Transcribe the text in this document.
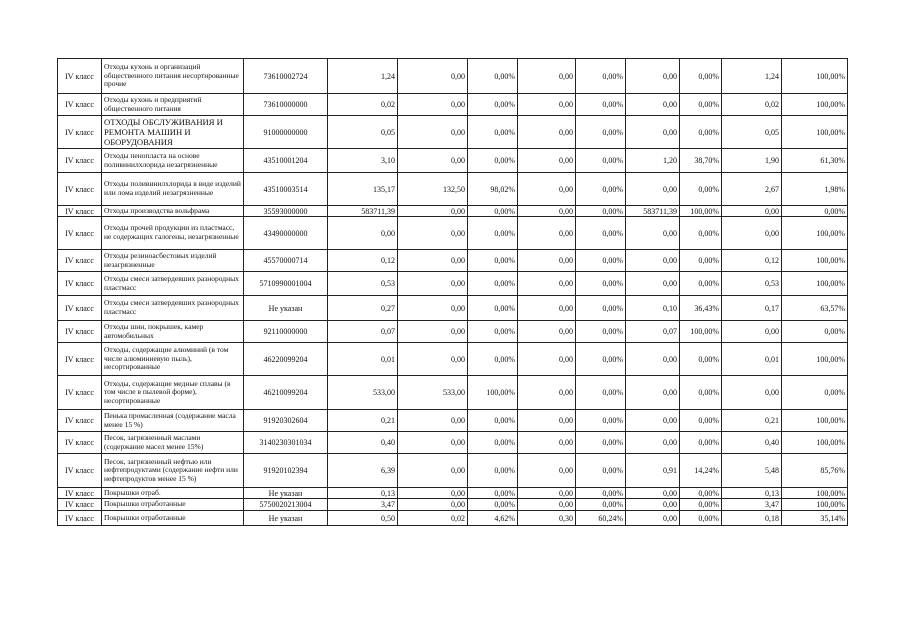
IV класс	Отходы кухонь и организаций общественного питания несортированные прочие	73610002724	1,24	0,00	0,00%	0,00	0,00%	0,00	0,00%	1,24	100,00%
IV класс	Отходы кухонь и предприятий общественного питания	73610000000	0,02	0,00	0,00%	0,00	0,00%	0,00	0,00%	0,02	100,00%
IV класс	ОТХОДЫ ОБСЛУЖИВАНИЯ И РЕМОНТА МАШИН И ОБОРУДОВАНИЯ	91000000000	0,05	0,00	0,00%	0,00	0,00%	0,00	0,00%	0,05	100,00%
IV класс	Отходы пенопласта на основе поливинилхлорида незагрязненные	43510001204	3,10	0,00	0,00%	0,00	0,00%	1,20	38,70%	1,90	61,30%
IV класс	Отходы поливинилхлорида в виде изделий или лома изделий незагрязненные	43510003514	135,17	132,50	98,02%	0,00	0,00%	0,00	0,00%	2,67	1,98%
IV класс	Отходы производства вольфрама	35593000000	583711,39	0,00	0,00%	0,00	0,00%	583711,39	100,00%	0,00	0,00%
IV класс	Отходы прочей продукции из пластмасс, не содержащих галогены, незагрязненные	43490000000	0,00	0,00	0,00%	0,00	0,00%	0,00	0,00%	0,00	100,00%
IV класс	Отходы резиноасбестовых изделий незагрязненные	45570000714	0,12	0,00	0,00%	0,00	0,00%	0,00	0,00%	0,12	100,00%
IV класс	Отходы смеси затвердевших разнородных пластмасс	5710990001004	0,53	0,00	0,00%	0,00	0,00%	0,00	0,00%	0,53	100,00%
IV класс	Отходы смеси затвердевших разнородных пластмасс	Не указан	0,27	0,00	0,00%	0,00	0,00%	0,10	36,43%	0,17	63,57%
IV класс	Отходы шин, покрышек, камер автомобильных	92110000000	0,07	0,00	0,00%	0,00	0,00%	0,07	100,00%	0,00	0,00%
IV класс	Отходы, содержащие алюминий (в том числе алюминиевую пыль), несортированные	46220099204	0,01	0,00	0,00%	0,00	0,00%	0,00	0,00%	0,01	100,00%
IV класс	Отходы, содержащие медные сплавы (в том числе в пылевой форме), несортированные	46210099204	533,00	533,00	100,00%	0,00	0,00%	0,00	0,00%	0,00	0,00%
IV класс	Пенька промасленная (содержание масла менее 15 %)	91920302604	0,21	0,00	0,00%	0,00	0,00%	0,00	0,00%	0,21	100,00%
IV класс	Песок, загрязненный маслами (содержание масел менее 15%)	3140230301034	0,40	0,00	0,00%	0,00	0,00%	0,00	0,00%	0,40	100,00%
IV класс	Песок, загрязненный нефтью или нефтепродуктами (содержание нефти или нефтепродуктов менее 15 %)	91920102394	6,39	0,00	0,00%	0,00	0,00%	0,91	14,24%	5,48	85,76%
IV класс	Покрышки отраб.	Не указан	0,13	0,00	0,00%	0,00	0,00%	0,00	0,00%	0,13	100,00%
IV класс	Покрышки отработанные	5750020213004	3,47	0,00	0,00%	0,00	0,00%	0,00	0,00%	3,47	100,00%
IV класс	Покрышки отработанные	Не указан	0,50	0,02	4,62%	0,30	60,24%	0,00	0,00%	0,18	35,14%
